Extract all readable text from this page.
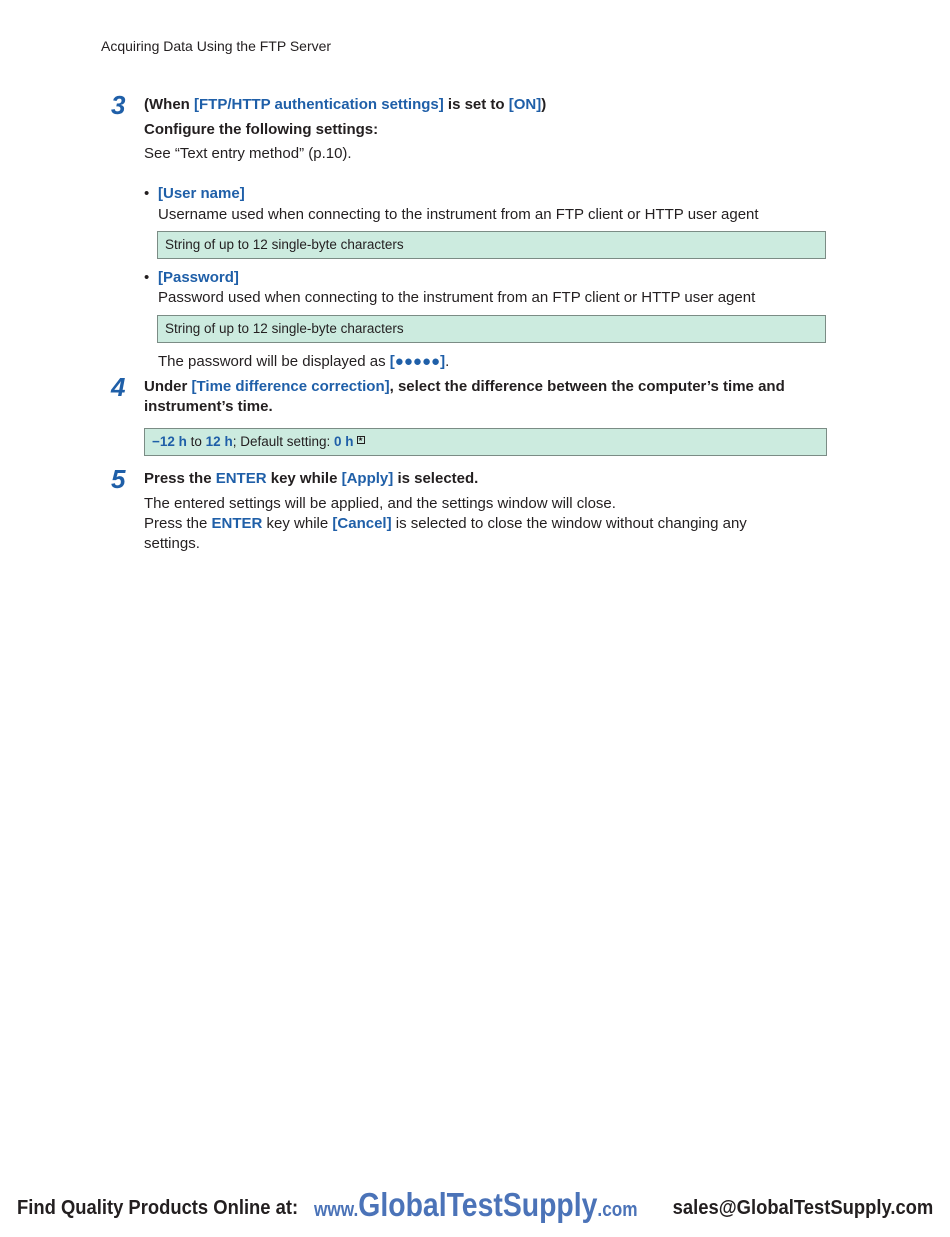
Acquiring Data Using the FTP Server
3 (When [FTP/HTTP authentication settings] is set to [ON])
Configure the following settings:
See “Text entry method” (p.10).
• [User name]
Username used when connecting to the instrument from an FTP client or HTTP user agent
String of up to 12 single-byte characters
• [Password]
Password used when connecting to the instrument from an FTP client or HTTP user agent
String of up to 12 single-byte characters
The password will be displayed as [●●●●●].
4 Under [Time difference correction], select the difference between the computer’s time and
instrument’s time.
−12 h to 12 h; Default setting: 0 h ★
5 Press the ENTER key while [Apply] is selected.
The entered settings will be applied, and the settings window will close.
Press the ENTER key while [Cancel] is selected to close the window without changing any
settings.
Find Quality Products Online at: www.GlobalTestSupply.com sales@GlobalTestSupply.com
